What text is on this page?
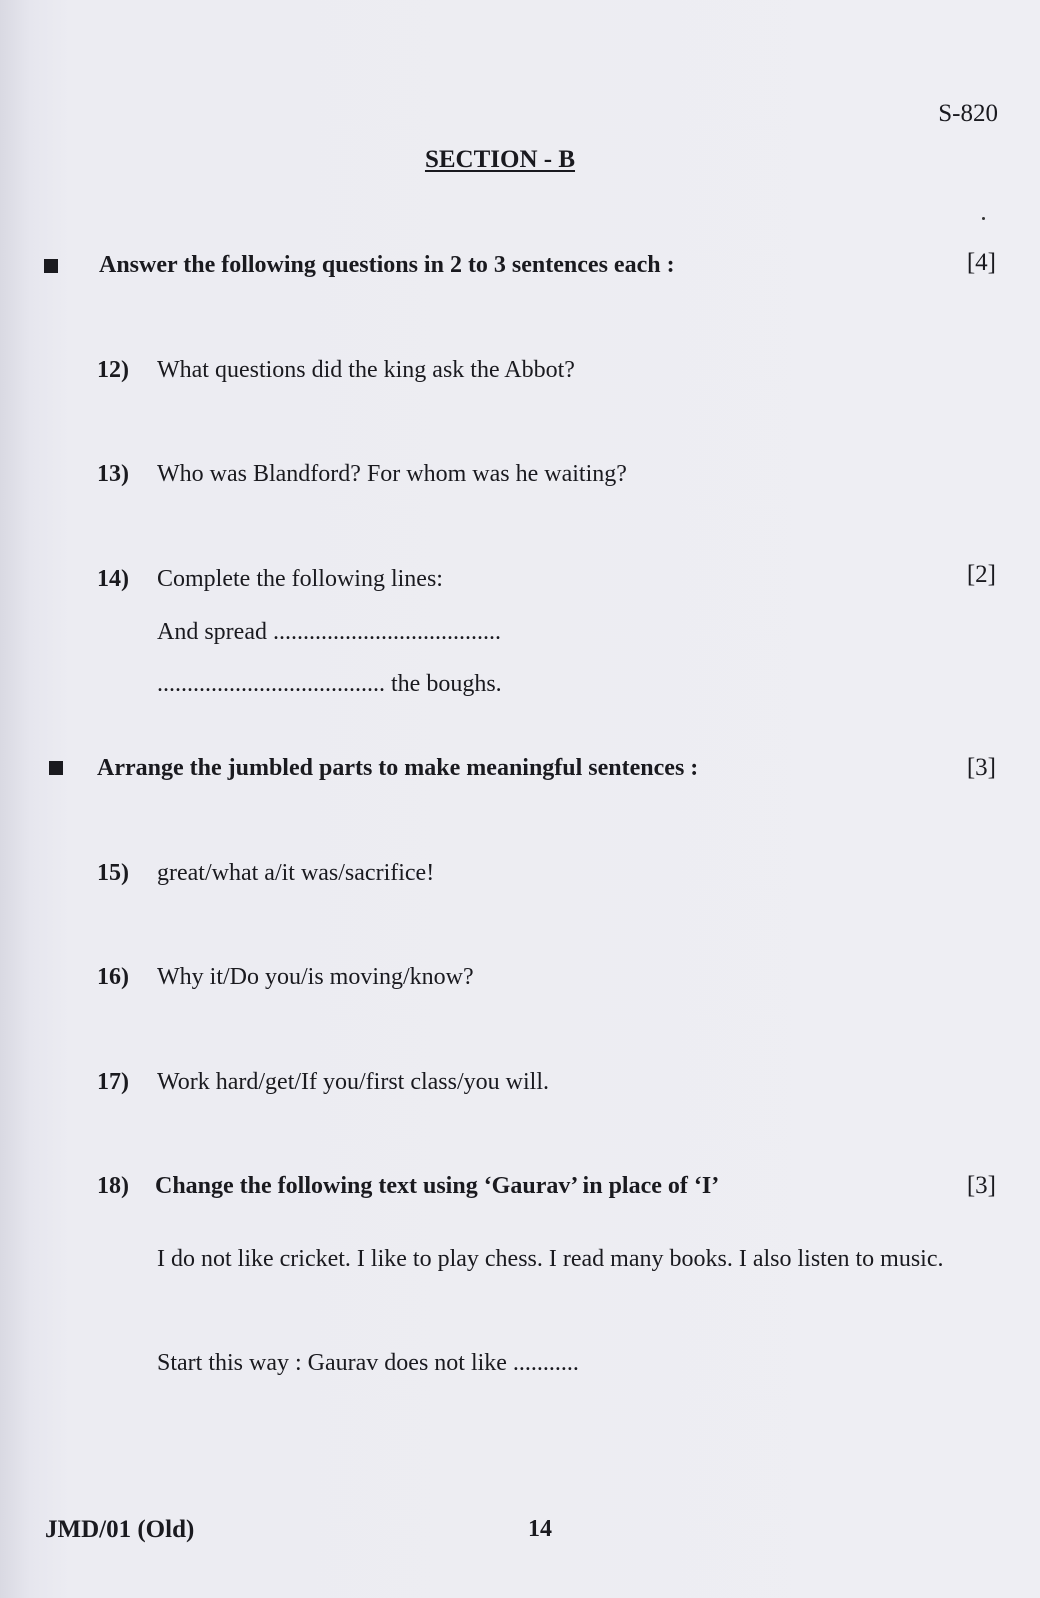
S-820
SECTION - B
Answer the following questions in 2 to 3 sentences each :	[4]
12) What questions did the king ask the Abbot?
13) Who was Blandford? For whom was he waiting?
14) Complete the following lines:	[2]
And spread ......................................
...................................... the boughs.
Arrange the jumbled parts to make meaningful sentences :	[3]
15) great/what a/it was/sacrifice!
16) Why it/Do you/is moving/know?
17) Work hard/get/If you/first class/you will.
18) Change the following text using ‘Gaurav’ in place of ‘I’	[3]
I do not like cricket. I like to play chess. I read many books. I also listen to music.
Start this way : Gaurav does not like ...........
JMD/01 (Old)	14
